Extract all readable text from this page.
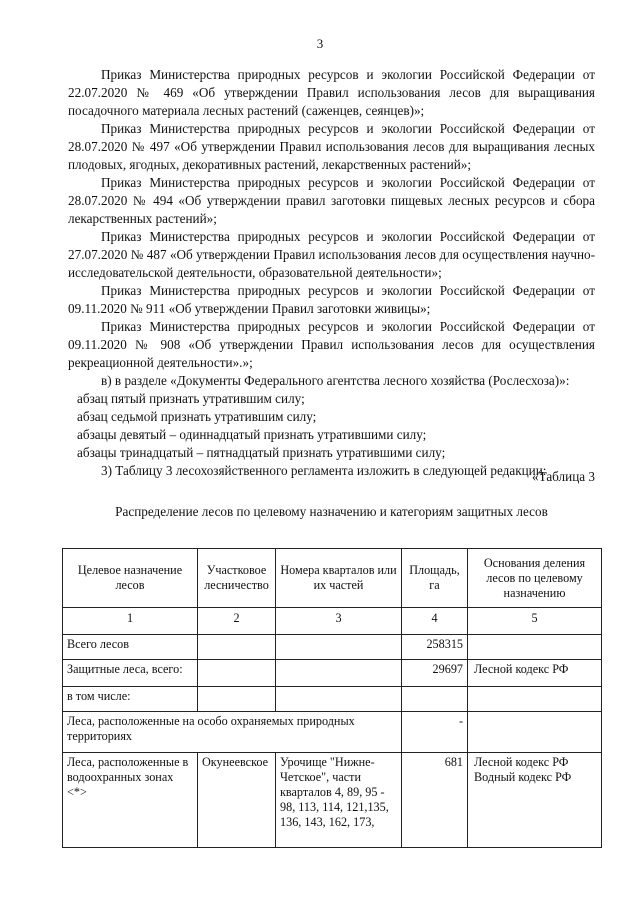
3

Приказ Министерства природных ресурсов и экологии Российской Федерации от 22.07.2020 № 469 «Об утверждении Правил использования лесов для выращивания посадочного материала лесных растений (саженцев, сеянцев)»;

Приказ Министерства природных ресурсов и экологии Российской Федерации от 28.07.2020 № 497 «Об утверждении Правил использования лесов для выращивания лесных плодовых, ягодных, декоративных растений, лекарственных растений»;

Приказ Министерства природных ресурсов и экологии Российской Федерации от 28.07.2020 № 494 «Об утверждении правил заготовки пищевых лесных ресурсов и сбора лекарственных растений»;

Приказ Министерства природных ресурсов и экологии Российской Федерации от 27.07.2020 № 487 «Об утверждении Правил использования лесов для осуществления научно-исследовательской деятельности, образовательной деятельности»;

Приказ Министерства природных ресурсов и экологии Российской Федерации от 09.11.2020 № 911 «Об утверждении Правил заготовки живицы»;

Приказ Министерства природных ресурсов и экологии Российской Федерации от 09.11.2020 № 908 «Об утверждении Правил использования лесов для осуществления рекреационной деятельности».»;

в) в разделе «Документы Федерального агентства лесного хозяйства (Рослесхоза)»:

абзац пятый признать утратившим силу;

абзац седьмой признать утратившим силу;

абзацы девятый – одиннадцатый признать утратившими силу;

абзацы тринадцатый – пятнадцатый признать утратившими силу;

3) Таблицу 3 лесохозяйственного регламента изложить в следующей редакции:

«Таблица 3
Распределение лесов по целевому назначению и категориям защитных лесов
Целевое назначение лесов	Участковое лесничество	Номера кварталов или их частей	Площадь, га	Основания деления лесов по целевому назначению
1	2	3	4	5
Всего лесов			258315	
Защитные леса, всего:			29697	Лесной кодекс РФ

в том числе:				
Леса, расположенные на особо охраняемых природных территориях			-	
Леса, расположенные в водоохранных зонах <*>	Окунеевское	Урочище "Нижне-Четское", части кварталов 4, 89, 95 - 98, 113, 114, 121,135, 136, 143, 162, 173,	681	Лесной кодекс РФ
Водный кодекс РФ
